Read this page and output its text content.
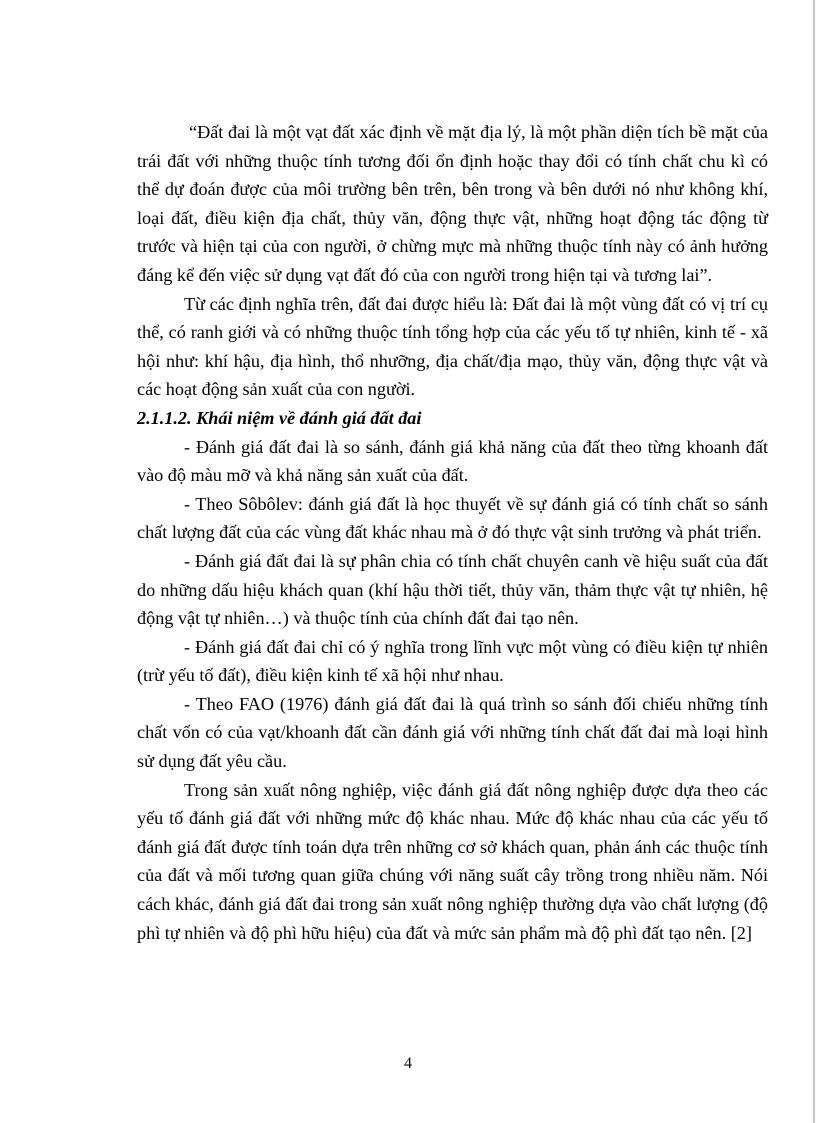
“Đất đai là một vạt đất xác định về mặt địa lý, là một phần diện tích bề mặt của trái đất với những thuộc tính tương đối ổn định hoặc thay đổi có tính chất chu kì có thể dự đoán được của môi trường bên trên, bên trong và bên dưới nó như không khí, loại đất, điều kiện địa chất, thủy văn, động thực vật, những hoạt động tác động từ trước và hiện tại của con người, ở chừng mực mà những thuộc tính này có ảnh hưởng đáng kể đến việc sử dụng vạt đất đó của con người trong hiện tại và tương lai”.

Từ các định nghĩa trên, đất đai được hiểu là: Đất đai là một vùng đất có vị trí cụ thể, có ranh giới và có những thuộc tính tổng hợp của các yếu tố tự nhiên, kinh tế - xã hội như: khí hậu, địa hình, thổ nhưỡng, địa chất/địa mạo, thủy văn, động thực vật và các hoạt động sản xuất của con người.

2.1.1.2. Khái niệm về đánh giá đất đai

- Đánh giá đất đai là so sánh, đánh giá khả năng của đất theo từng khoanh đất vào độ màu mỡ và khả năng sản xuất của đất.

- Theo Sôbôlev: đánh giá đất là học thuyết về sự đánh giá có tính chất so sánh chất lượng đất của các vùng đất khác nhau mà ở đó thực vật sinh trưởng và phát triển.

- Đánh giá đất đai là sự phân chia có tính chất chuyên canh về hiệu suất của đất do những dấu hiệu khách quan (khí hậu thời tiết, thủy văn, thảm thực vật tự nhiên, hệ động vật tự nhiên…) và thuộc tính của chính đất đai tạo nên.

- Đánh giá đất đai chỉ có ý nghĩa trong lĩnh vực một vùng có điều kiện tự nhiên (trừ yếu tố đất), điều kiện kinh tế xã hội như nhau.

- Theo FAO (1976) đánh giá đất đai là quá trình so sánh đối chiếu những tính chất vốn có của vạt/khoanh đất cần đánh giá với những tính chất đất đai mà loại hình sử dụng đất yêu cầu.

Trong sản xuất nông nghiệp, việc đánh giá đất nông nghiệp được dựa theo các yếu tố đánh giá đất với những mức độ khác nhau. Mức độ khác nhau của các yếu tố đánh giá đất được tính toán dựa trên những cơ sở khách quan, phản ánh các thuộc tính của đất và mối tương quan giữa chúng với năng suất cây trồng trong nhiều năm. Nói cách khác, đánh giá đất đai trong sản xuất nông nghiệp thường dựa vào chất lượng (độ phì tự nhiên và độ phì hữu hiệu) của đất và mức sản phẩm mà độ phì đất tạo nên. [2]

4
